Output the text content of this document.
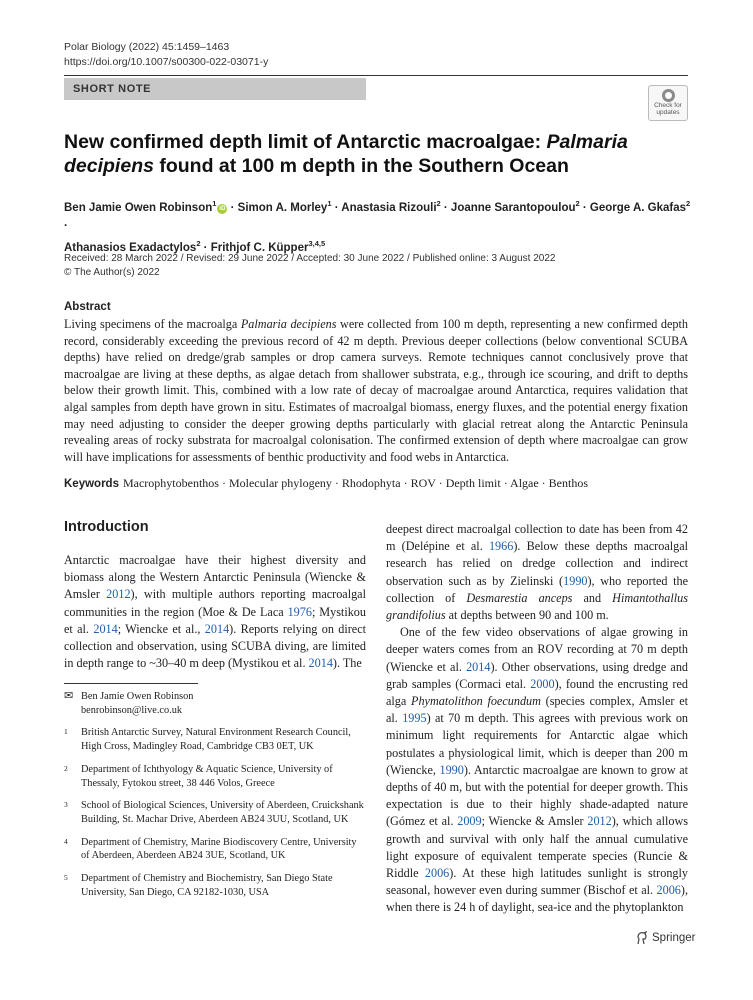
Polar Biology (2022) 45:1459–1463
https://doi.org/10.1007/s00300-022-03071-y
SHORT NOTE
Check for
updates
New confirmed depth limit of Antarctic macroalgae: Palmaria decipiens found at 100 m depth in the Southern Ocean
Ben Jamie Owen Robinson$^1$iD · Simon A. Morley$^1$ · Anastasia Rizouli$^2$ · Joanne Sarantopoulou$^2$ · George A. Gkafas$^2$ ·
Athanasios Exadactylos$^2$ · Frithjof C. Küpper$^{3,4,5}$
Received: 28 March 2022 / Revised: 29 June 2022 / Accepted: 30 June 2022 / Published online: 3 August 2022
© The Author(s) 2022
Abstract

Living specimens of the macroalga Palmaria decipiens were collected from 100 m depth, representing a new confirmed depth record, considerably exceeding the previous record of 42 m depth. Previous deeper collections (below conventional SCUBA depths) have relied on dredge/grab samples or drop camera surveys. Remote techniques cannot conclusively prove that macroalgae are living at these depths, as algae detach from shallower substrata, e.g., through ice scouring, and drift to depths below their growth limit. This, combined with a low rate of decay of macroalgae around Antarctica, requires validation that algal samples from depth have grown in situ. Estimates of macroalgal biomass, energy fluxes, and the potential energy fixation may need adjusting to consider the deeper growing depths particularly with glacial retreat along the Antarctic Peninsula revealing areas of rocky substrata for macroalgal colonisation. The confirmed extension of depth where macroalgae can grow will have implications for assessments of benthic productivity and food webs in Antarctica.

Keywords Macrophytobenthos · Molecular phylogeny · Rhodophyta · ROV · Depth limit · Algae · Benthos
Introduction

Antarctic macroalgae have their highest diversity and biomass along the Western Antarctic Peninsula (Wiencke & Amsler 2012), with multiple authors reporting macroalgal communities in the region (Moe & De Laca 1976; Mystikou et al. 2014; Wiencke et al., 2014). Reports relying on direct collection and observation, using SCUBA diving, are limited in depth range to ~30–40 m deep (Mystikou et al. 2014). The

deepest direct macroalgal collection to date has been from 42 m (Delépine et al. 1966). Below these depths macroalgal research has relied on dredge collection and indirect observation such as by Zielinski (1990), who reported the collection of Desmarestia anceps and Himantothallus grandifolius at depths between 90 and 100 m.

One of the few video observations of algae growing in deeper waters comes from an ROV recording at 70 m depth (Wiencke et al. 2014). Other observations, using dredge and grab samples (Cormaci etal. 2000), found the encrusting red alga Phymatolithon foecundum (species complex, Amsler et al. 1995) at 70 m depth. This agrees with previous work on minimum light requirements for Antarctic algae which postulates a physiological limit, which is deeper than 200 m (Wiencke, 1990). Antarctic macroalgae are known to grow at depths of 40 m, but with the potential for deeper growth. This expectation is due to their highly shade-adapted nature (Gómez et al. 2009; Wiencke & Amsler 2012), which allows growth and survival with only half the annual cumulative light exposure of equivalent temperate species (Runcie & Riddle 2006). At these high latitudes sunlight is strongly seasonal, however even during summer (Bischof et al. 2006), when there is 24 h of daylight, sea-ice and the phytoplankton

✉ Ben Jamie Owen Robinson
benrobinson@live.co.uk
1	British Antarctic Survey, Natural Environment Research Council, High Cross, Madingley Road, Cambridge CB3 0ET, UK
2	Department of Ichthyology & Aquatic Science, University of Thessaly, Fytokou street, 38 446 Volos, Greece
3	School of Biological Sciences, University of Aberdeen, Cruickshank Building, St. Machar Drive, Aberdeen AB24 3UU, Scotland, UK
4	Department of Chemistry, Marine Biodiscovery Centre, University of Aberdeen, Aberdeen AB24 3UE, Scotland, UK
5	Department of Chemistry and Biochemistry, San Diego State University, San Diego, CA 92182-1030, USA
Springer
